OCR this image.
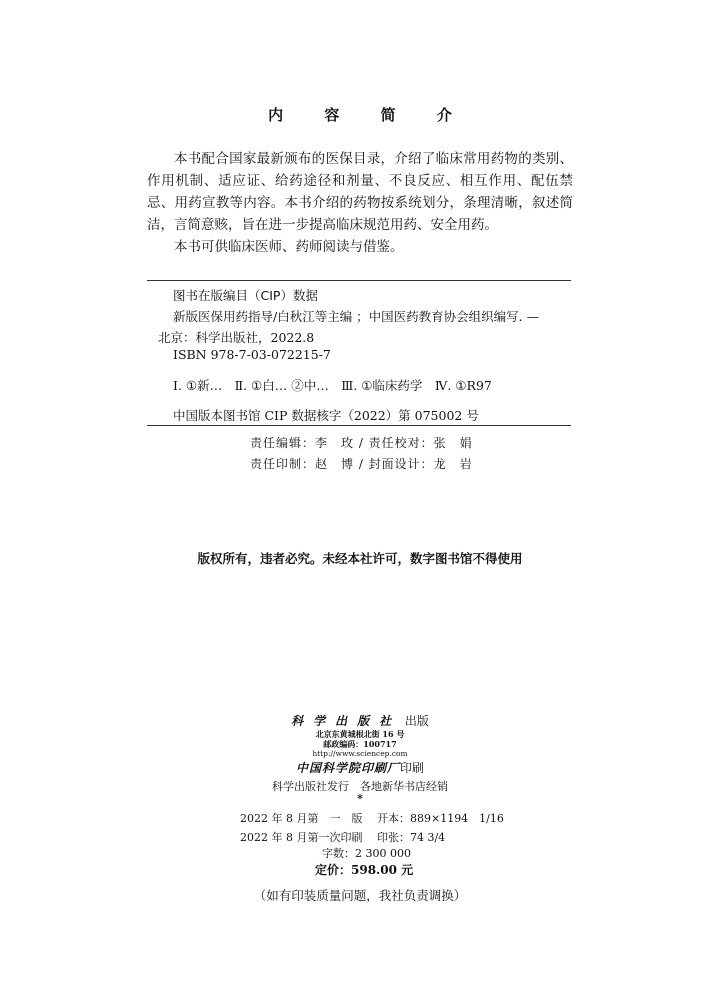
内 容 简 介

本书配合国家最新颁布的医保目录，介绍了临床常用药物的类别、作用机制、适应证、给药途径和剂量、不良反应、相互作用、配伍禁忌、用药宣教等内容。本书介绍的药物按系统划分，条理清晰，叙述简洁，言简意赅，旨在进一步提高临床规范用药、安全用药。

本书可供临床医师、药师阅读与借鉴。

图书在版编目（CIP）数据
新版医保用药指导/白秋江等主编 ；中国医药教育协会组织编写. —
北京：科学出版社，2022.8
ISBN 978-7-03-072215-7
Ⅰ. ①新…　Ⅱ. ①白… ②中…　Ⅲ. ①临床药学　Ⅳ. ①R97
中国版本图书馆 CIP 数据核字（2022）第 075002 号
责任编辑：李　玫 / 责任校对：张　娟
责任印制：赵　博 / 封面设计：龙　岩
版权所有，违者必究。未经本社许可，数字图书馆不得使用
科学出版社 出版
北京东黄城根北街 16 号
邮政编码：100717
http://www.sciencep.com
中国科学院印刷厂印刷
科学出版社发行　各地新华书店经销
*
2022 年 8 月第　一　版　 开本：889×1194　1/16
2022 年 8 月第一次印刷　 印张：74 3/4
字数：2 300 000
定价：598.00 元
（如有印装质量问题，我社负责调换）
